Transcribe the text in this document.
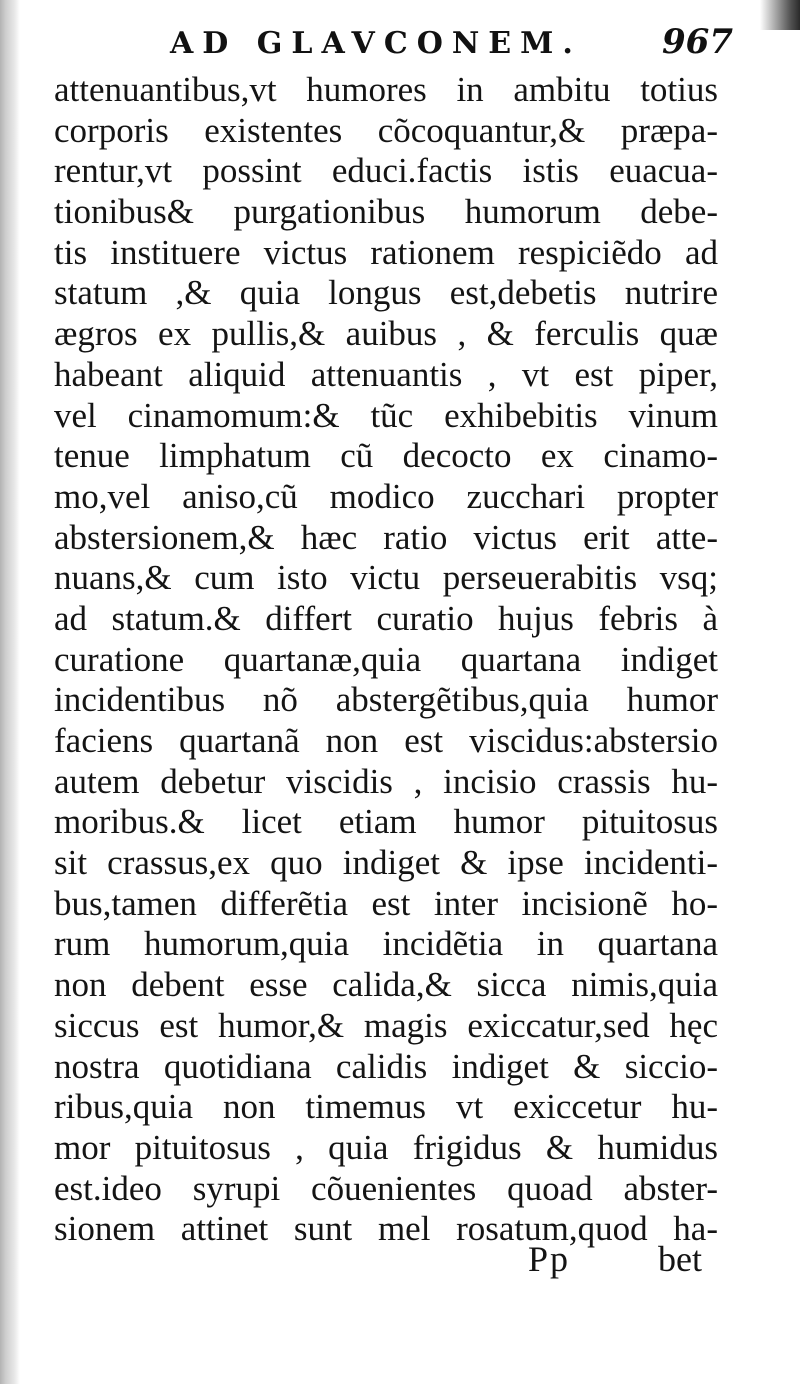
AD GLAVCONEM. 967
attenuantibus,vt humores in ambitu totius
corporis existentes cõcoquantur,& præpa-
rentur,vt possint educi.factis istis euacua-
tionibus& purgationibus humorum debe-
tis instituere victus rationem respiciẽdo ad
statum ,& quia longus est,debetis nutrire
ægros ex pullis,& auibus , & ferculis quæ
habeant aliquid attenuantis , vt est piper,
vel cinamomum:& tũc exhibebitis vinum
tenue limphatum cũ decocto ex cinamo-
mo,vel aniso,cũ modico zucchari propter
abstersionem,& hæc ratio victus erit atte-
nuans,& cum isto victu perseuerabitis vsq;
ad statum.& differt curatio hujus febris à
curatione quartanæ,quia quartana indiget
incidentibus nõ abstergẽtibus,quia humor
faciens quartanã non est viscidus:abstersio
autem debetur viscidis , incisio crassis hu-
moribus.& licet etiam humor pituitosus
sit crassus,ex quo indiget & ipse incidenti-
bus,tamen differẽtia est inter incisionẽ ho-
rum humorum,quia incidẽtia in quartana
non debent esse calida,& sicca nimis,quia
siccus est humor,& magis exiccatur,sed hęc
nostra quotidiana calidis indiget & siccio-
ribus,quia non timemus vt exiccetur hu-
mor pituitosus , quia frigidus & humidus
est.ideo syrupi cõuenientes quoad abster-
sionem attinet sunt mel rosatum,quod ha-
Pp bet
